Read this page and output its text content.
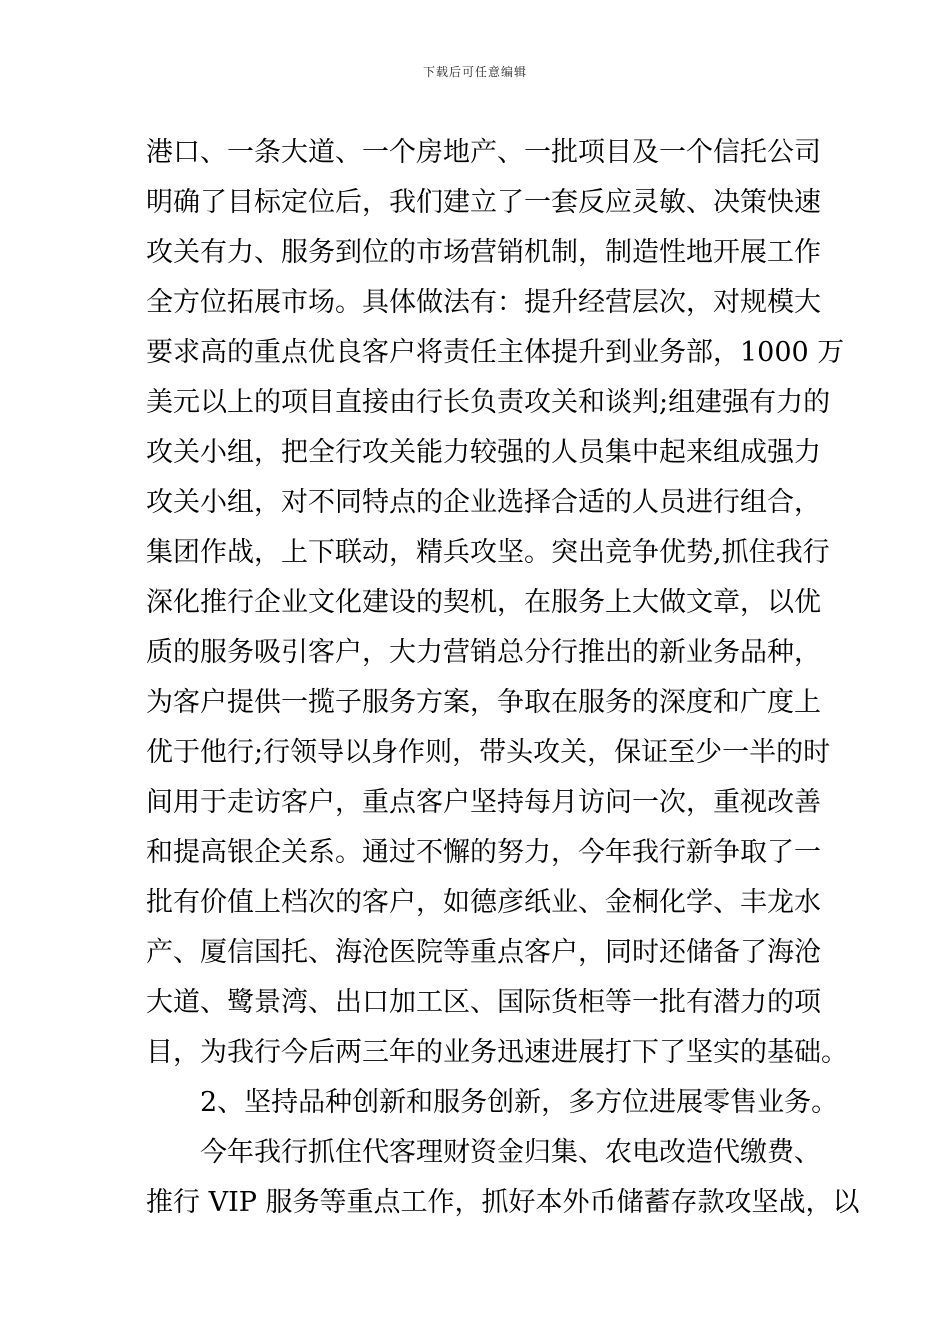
下载后可任意编辑
港口、一条大道、一个房地产、一批项目及一个信托公司
明确了目标定位后，我们建立了一套反应灵敏、决策快速
攻关有力、服务到位的市场营销机制，制造性地开展工作
全方位拓展市场。具体做法有：提升经营层次，对规模大
要求高的重点优良客户将责任主体提升到业务部，1000 万
美元以上的项目直接由行长负责攻关和谈判;组建强有力的
攻关小组，把全行攻关能力较强的人员集中起来组成强力
攻关小组，对不同特点的企业选择合适的人员进行组合，
集团作战，上下联动，精兵攻坚。突出竞争优势,抓住我行
深化推行企业文化建设的契机，在服务上大做文章，以优
质的服务吸引客户，大力营销总分行推出的新业务品种，
为客户提供一揽子服务方案，争取在服务的深度和广度上
优于他行;行领导以身作则，带头攻关，保证至少一半的时
间用于走访客户，重点客户坚持每月访问一次，重视改善
和提高银企关系。通过不懈的努力，今年我行新争取了一
批有价值上档次的客户，如德彦纸业、金桐化学、丰龙水
产、厦信国托、海沧医院等重点客户，同时还储备了海沧
大道、鹭景湾、出口加工区、国际货柜等一批有潜力的项
目，为我行今后两三年的业务迅速进展打下了坚实的基础。
2、坚持品种创新和服务创新，多方位进展零售业务。
今年我行抓住代客理财资金归集、农电改造代缴费、
推行 VIP 服务等重点工作，抓好本外币储蓄存款攻坚战，以
